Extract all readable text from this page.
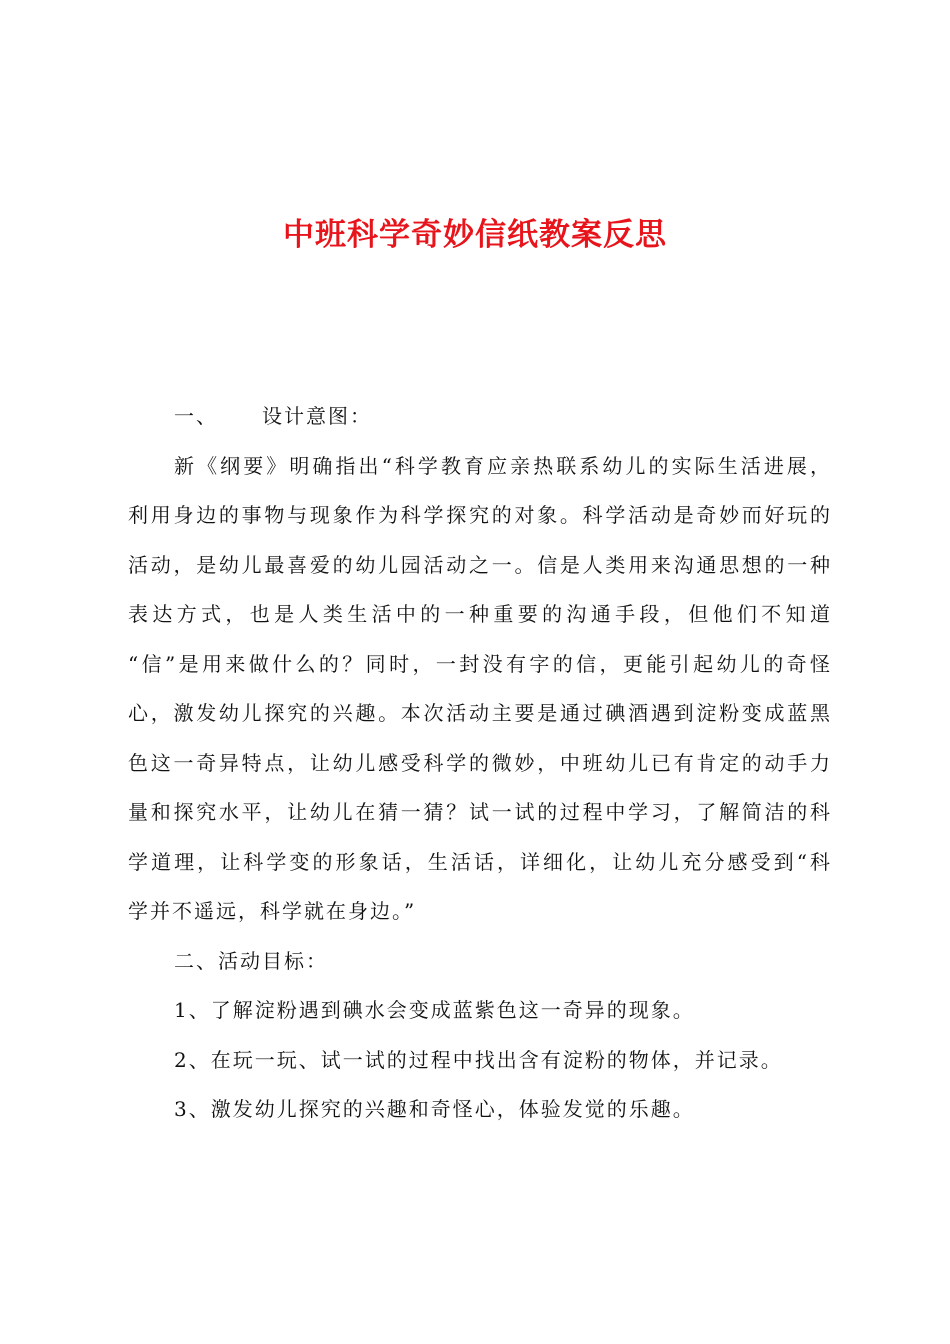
中班科学奇妙信纸教案反思
一、 设计意图：
新《纲要》明确指出“科学教育应亲热联系幼儿的实际生活进展，
利用身边的事物与现象作为科学探究的对象。科学活动是奇妙而好玩的
活动，是幼儿最喜爱的幼儿园活动之一。信是人类用来沟通思想的一种
表达方式，也是人类生活中的一种重要的沟通手段，但他们不知道
“信”是用来做什么的？同时，一封没有字的信，更能引起幼儿的奇怪
心，激发幼儿探究的兴趣。本次活动主要是通过碘酒遇到淀粉变成蓝黑
色这一奇异特点，让幼儿感受科学的微妙，中班幼儿已有肯定的动手力
量和探究水平，让幼儿在猜一猜？试一试的过程中学习，了解简洁的科
学道理，让科学变的形象话，生活话，详细化，让幼儿充分感受到“科
学并不遥远，科学就在身边。”
二、活动目标：
1、了解淀粉遇到碘水会变成蓝紫色这一奇异的现象。
2、在玩一玩、试一试的过程中找出含有淀粉的物体，并记录。
3、激发幼儿探究的兴趣和奇怪心，体验发觉的乐趣。
